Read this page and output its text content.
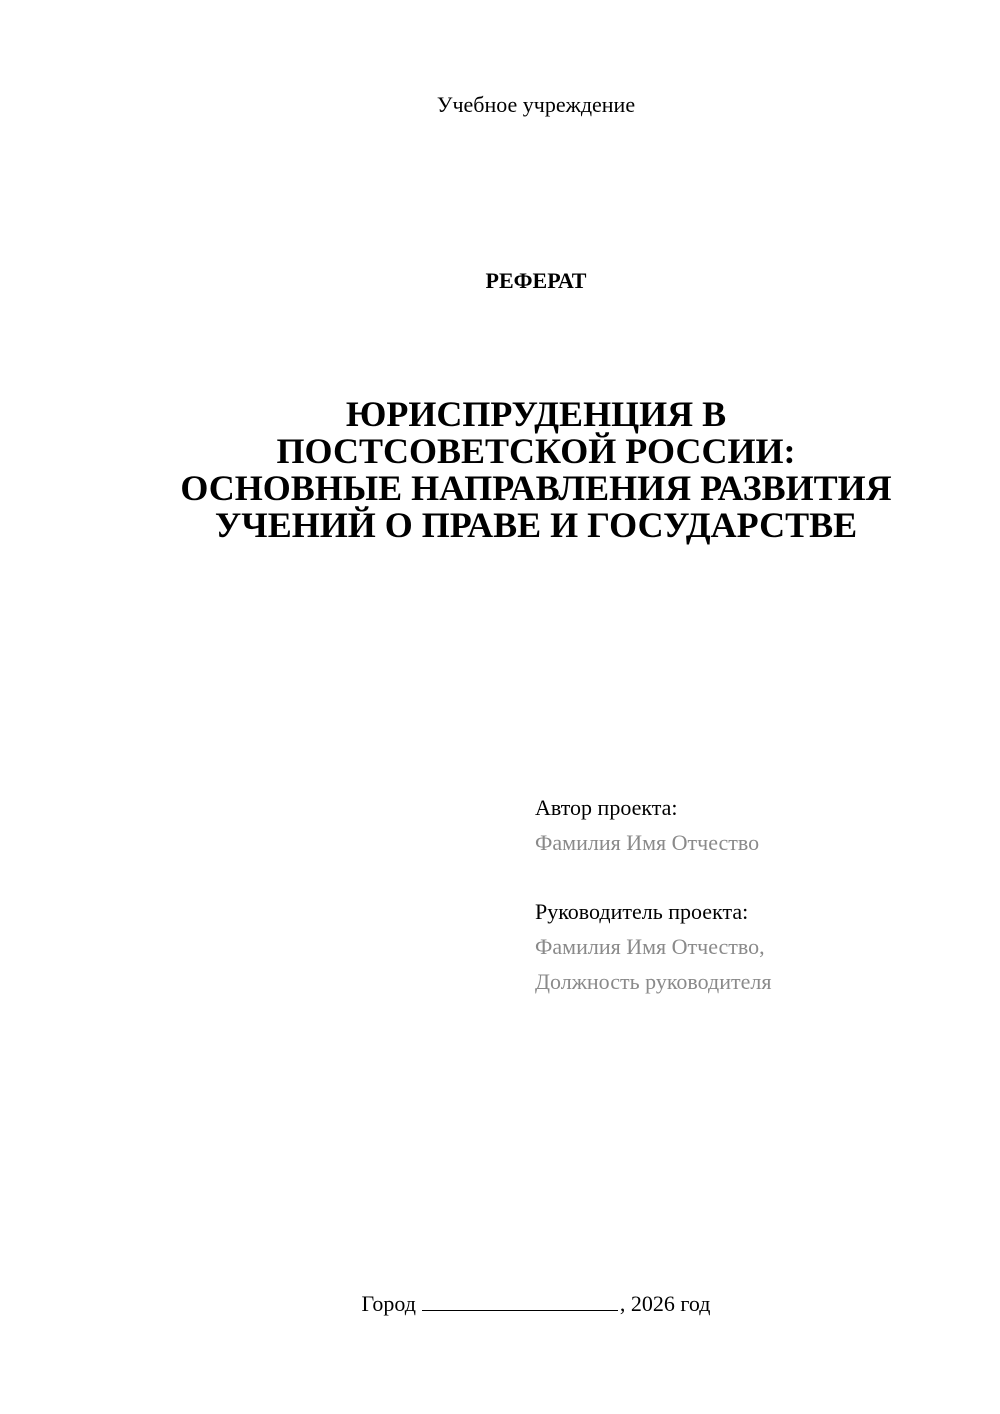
Учебное учреждение
РЕФЕРАТ
ЮРИСПРУДЕНЦИЯ В
ПОСТСОВЕТСКОЙ РОССИИ:
ОСНОВНЫЕ НАПРАВЛЕНИЯ РАЗВИТИЯ
УЧЕНИЙ О ПРАВЕ И ГОСУДАРСТВЕ
Автор проекта:
Фамилия Имя Отчество
Руководитель проекта:
Фамилия Имя Отчество,
Должность руководителя
Город	, 2026 год
